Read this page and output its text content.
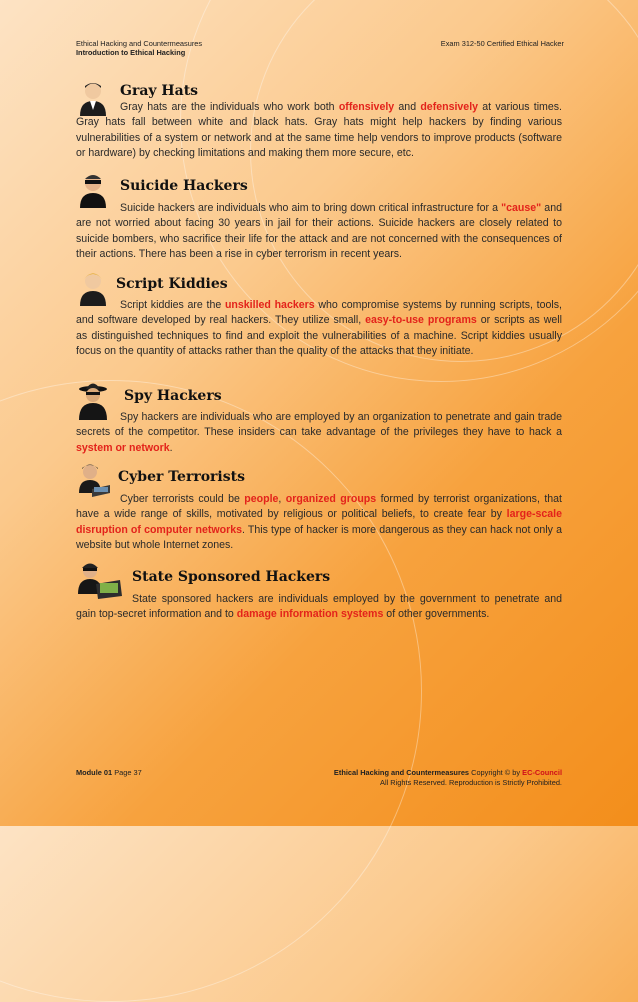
Ethical Hacking and Countermeasures
Introduction to Ethical Hacking
Exam 312-50 Certified Ethical Hacker
Gray Hats
Gray hats are the individuals who work both offensively and defensively at various times. Gray hats fall between white and black hats. Gray hats might help hackers by finding various vulnerabilities of a system or network and at the same time help vendors to improve products (software or hardware) by checking limitations and making them more secure, etc.
Suicide Hackers
Suicide hackers are individuals who aim to bring down critical infrastructure for a "cause" and are not worried about facing 30 years in jail for their actions. Suicide hackers are closely related to suicide bombers, who sacrifice their life for the attack and are not concerned with the consequences of their actions. There has been a rise in cyber terrorism in recent years.
Script Kiddies
Script kiddies are the unskilled hackers who compromise systems by running scripts, tools, and software developed by real hackers. They utilize small, easy-to-use programs or scripts as well as distinguished techniques to find and exploit the vulnerabilities of a machine. Script kiddies usually focus on the quantity of attacks rather than the quality of the attacks that they initiate.
Spy Hackers
Spy hackers are individuals who are employed by an organization to penetrate and gain trade secrets of the competitor. These insiders can take advantage of the privileges they have to hack a system or network.
Cyber Terrorists
Cyber terrorists could be people, organized groups formed by terrorist organizations, that have a wide range of skills, motivated by religious or political beliefs, to create fear by large-scale disruption of computer networks. This type of hacker is more dangerous as they can hack not only a website but whole Internet zones.
State Sponsored Hackers
State sponsored hackers are individuals employed by the government to penetrate and gain top-secret information and to damage information systems of other governments.
Module 01 Page 37	Ethical Hacking and Countermeasures Copyright © by EC-Council
All Rights Reserved. Reproduction is Strictly Prohibited.
